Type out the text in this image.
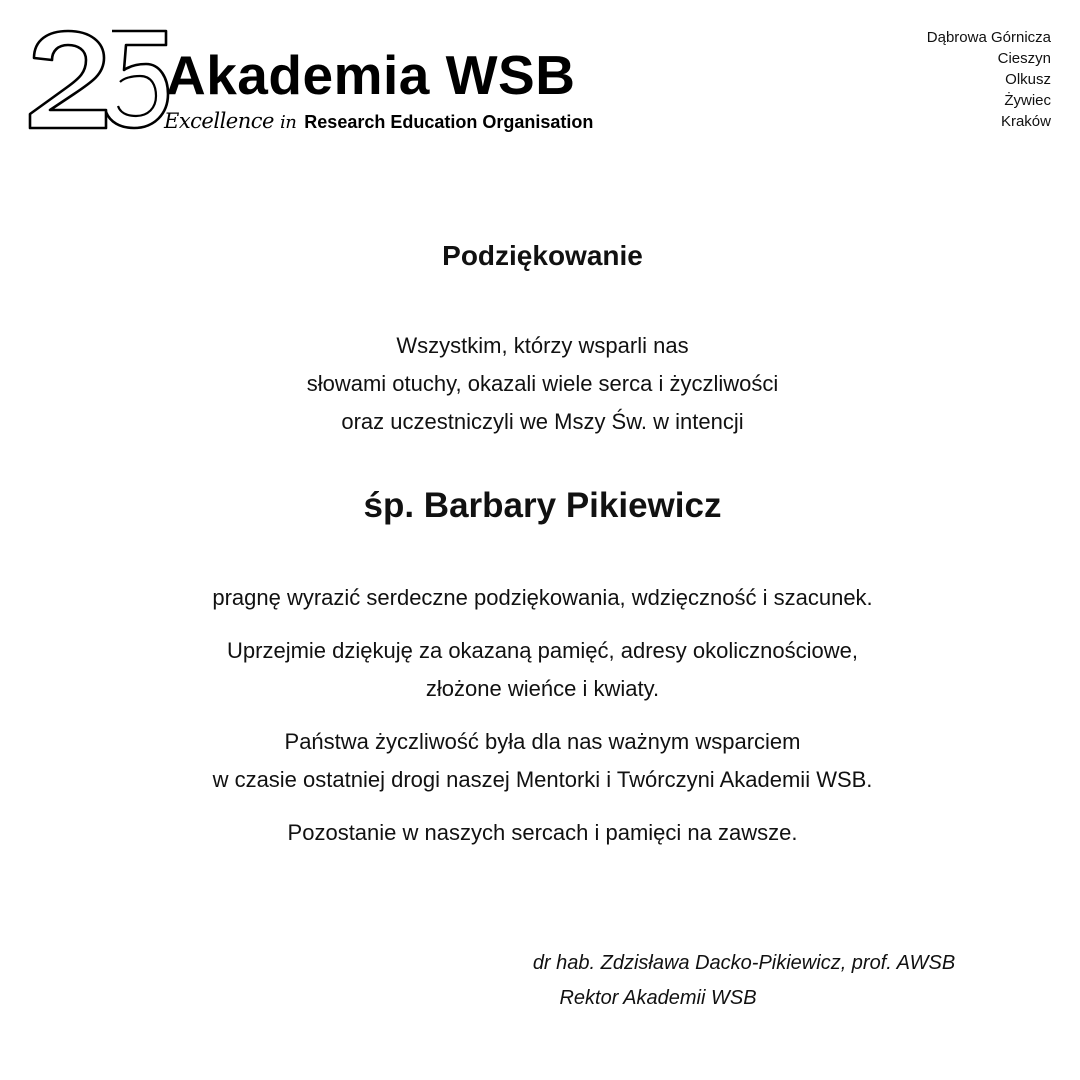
Akademia WSB
Excellence in Research Education Organisation
Dąbrowa Górnicza
Cieszyn
Olkusz
Żywiec
Kraków
Podziękowanie

Wszystkim, którzy wsparli nas
słowami otuchy, okazali wiele serca i życzliwości
oraz uczestniczyli we Mszy Św. w intencji

śp. Barbary Pikiewicz

pragnę wyrazić serdeczne podziękowania, wdzięczność i szacunek.

Uprzejmie dziękuję za okazaną pamięć, adresy okolicznościowe,
złożone wieńce i kwiaty.

Państwa życzliwość była dla nas ważnym wsparciem
w czasie ostatniej drogi naszej Mentorki i Twórczyni Akademii WSB.

Pozostanie w naszych sercach i pamięci na zawsze.

dr hab. Zdzisława Dacko-Pikiewicz, prof. AWSB
Rektor Akademii WSB
